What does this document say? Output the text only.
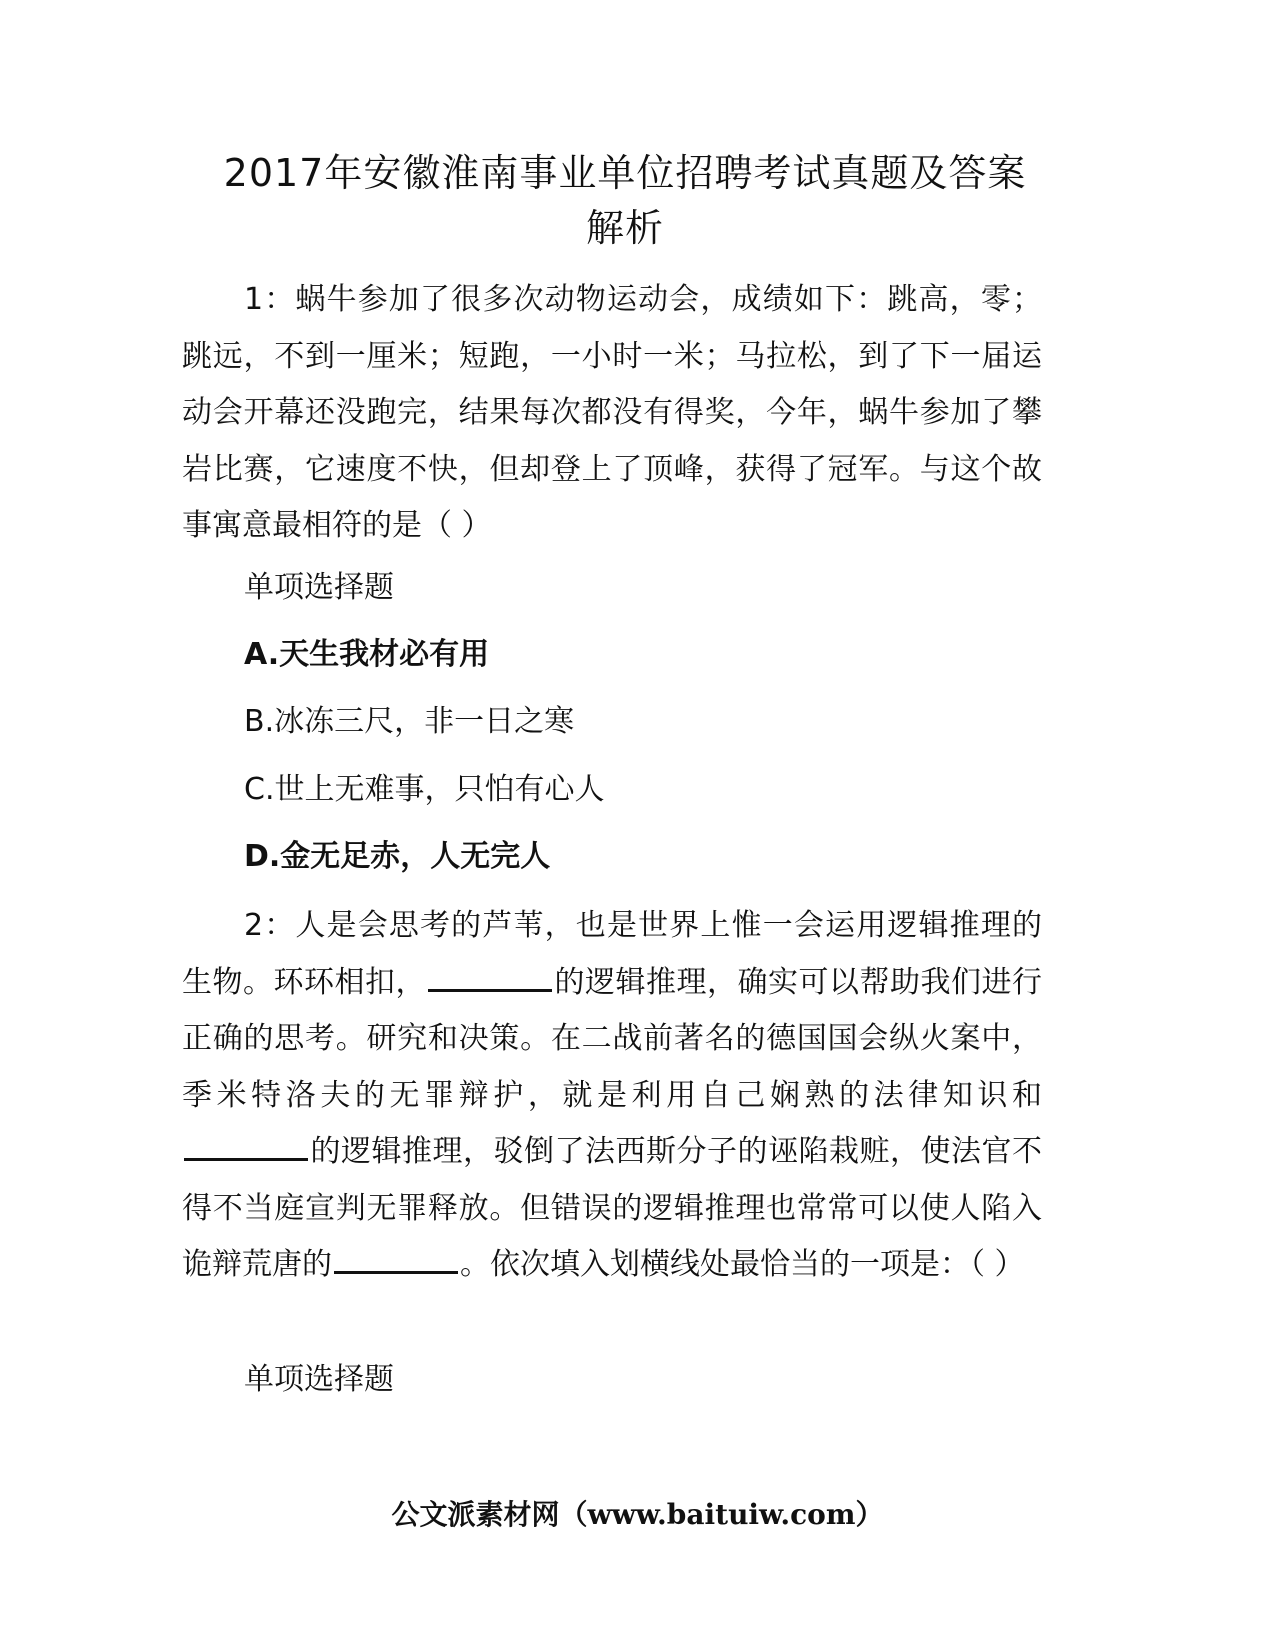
2017年安徽淮南事业单位招聘考试真题及答案
解析
1：蜗牛参加了很多次动物运动会，成绩如下：跳高，零；跳远，不到一厘米；短跑，一小时一米；马拉松，到了下一届运动会开幕还没跑完，结果每次都没有得奖，今年，蜗牛参加了攀岩比赛，它速度不快，但却登上了顶峰，获得了冠军。与这个故事寓意最相符的是（ ）
单项选择题
A.天生我材必有用
B.冰冻三尺，非一日之寒
C.世上无难事，只怕有心人
D.金无足赤，人无完人
2：人是会思考的芦苇，也是世界上惟一会运用逻辑推理的生物。环环相扣，	的逻辑推理，确实可以帮助我们进行正确的思考。研究和决策。在二战前著名的德国国会纵火案中，季米特洛夫的无罪辩护，就是利用自己娴熟的法律知识和的逻辑推理，驳倒了法西斯分子的诬陷栽赃，使法官不得不当庭宣判无罪释放。但错误的逻辑推理也常常可以使人陷入诡辩荒唐的	。依次填入划横线处最恰当的一项是：（ ）
单项选择题
公文派素材网（www.baituiw.com）
